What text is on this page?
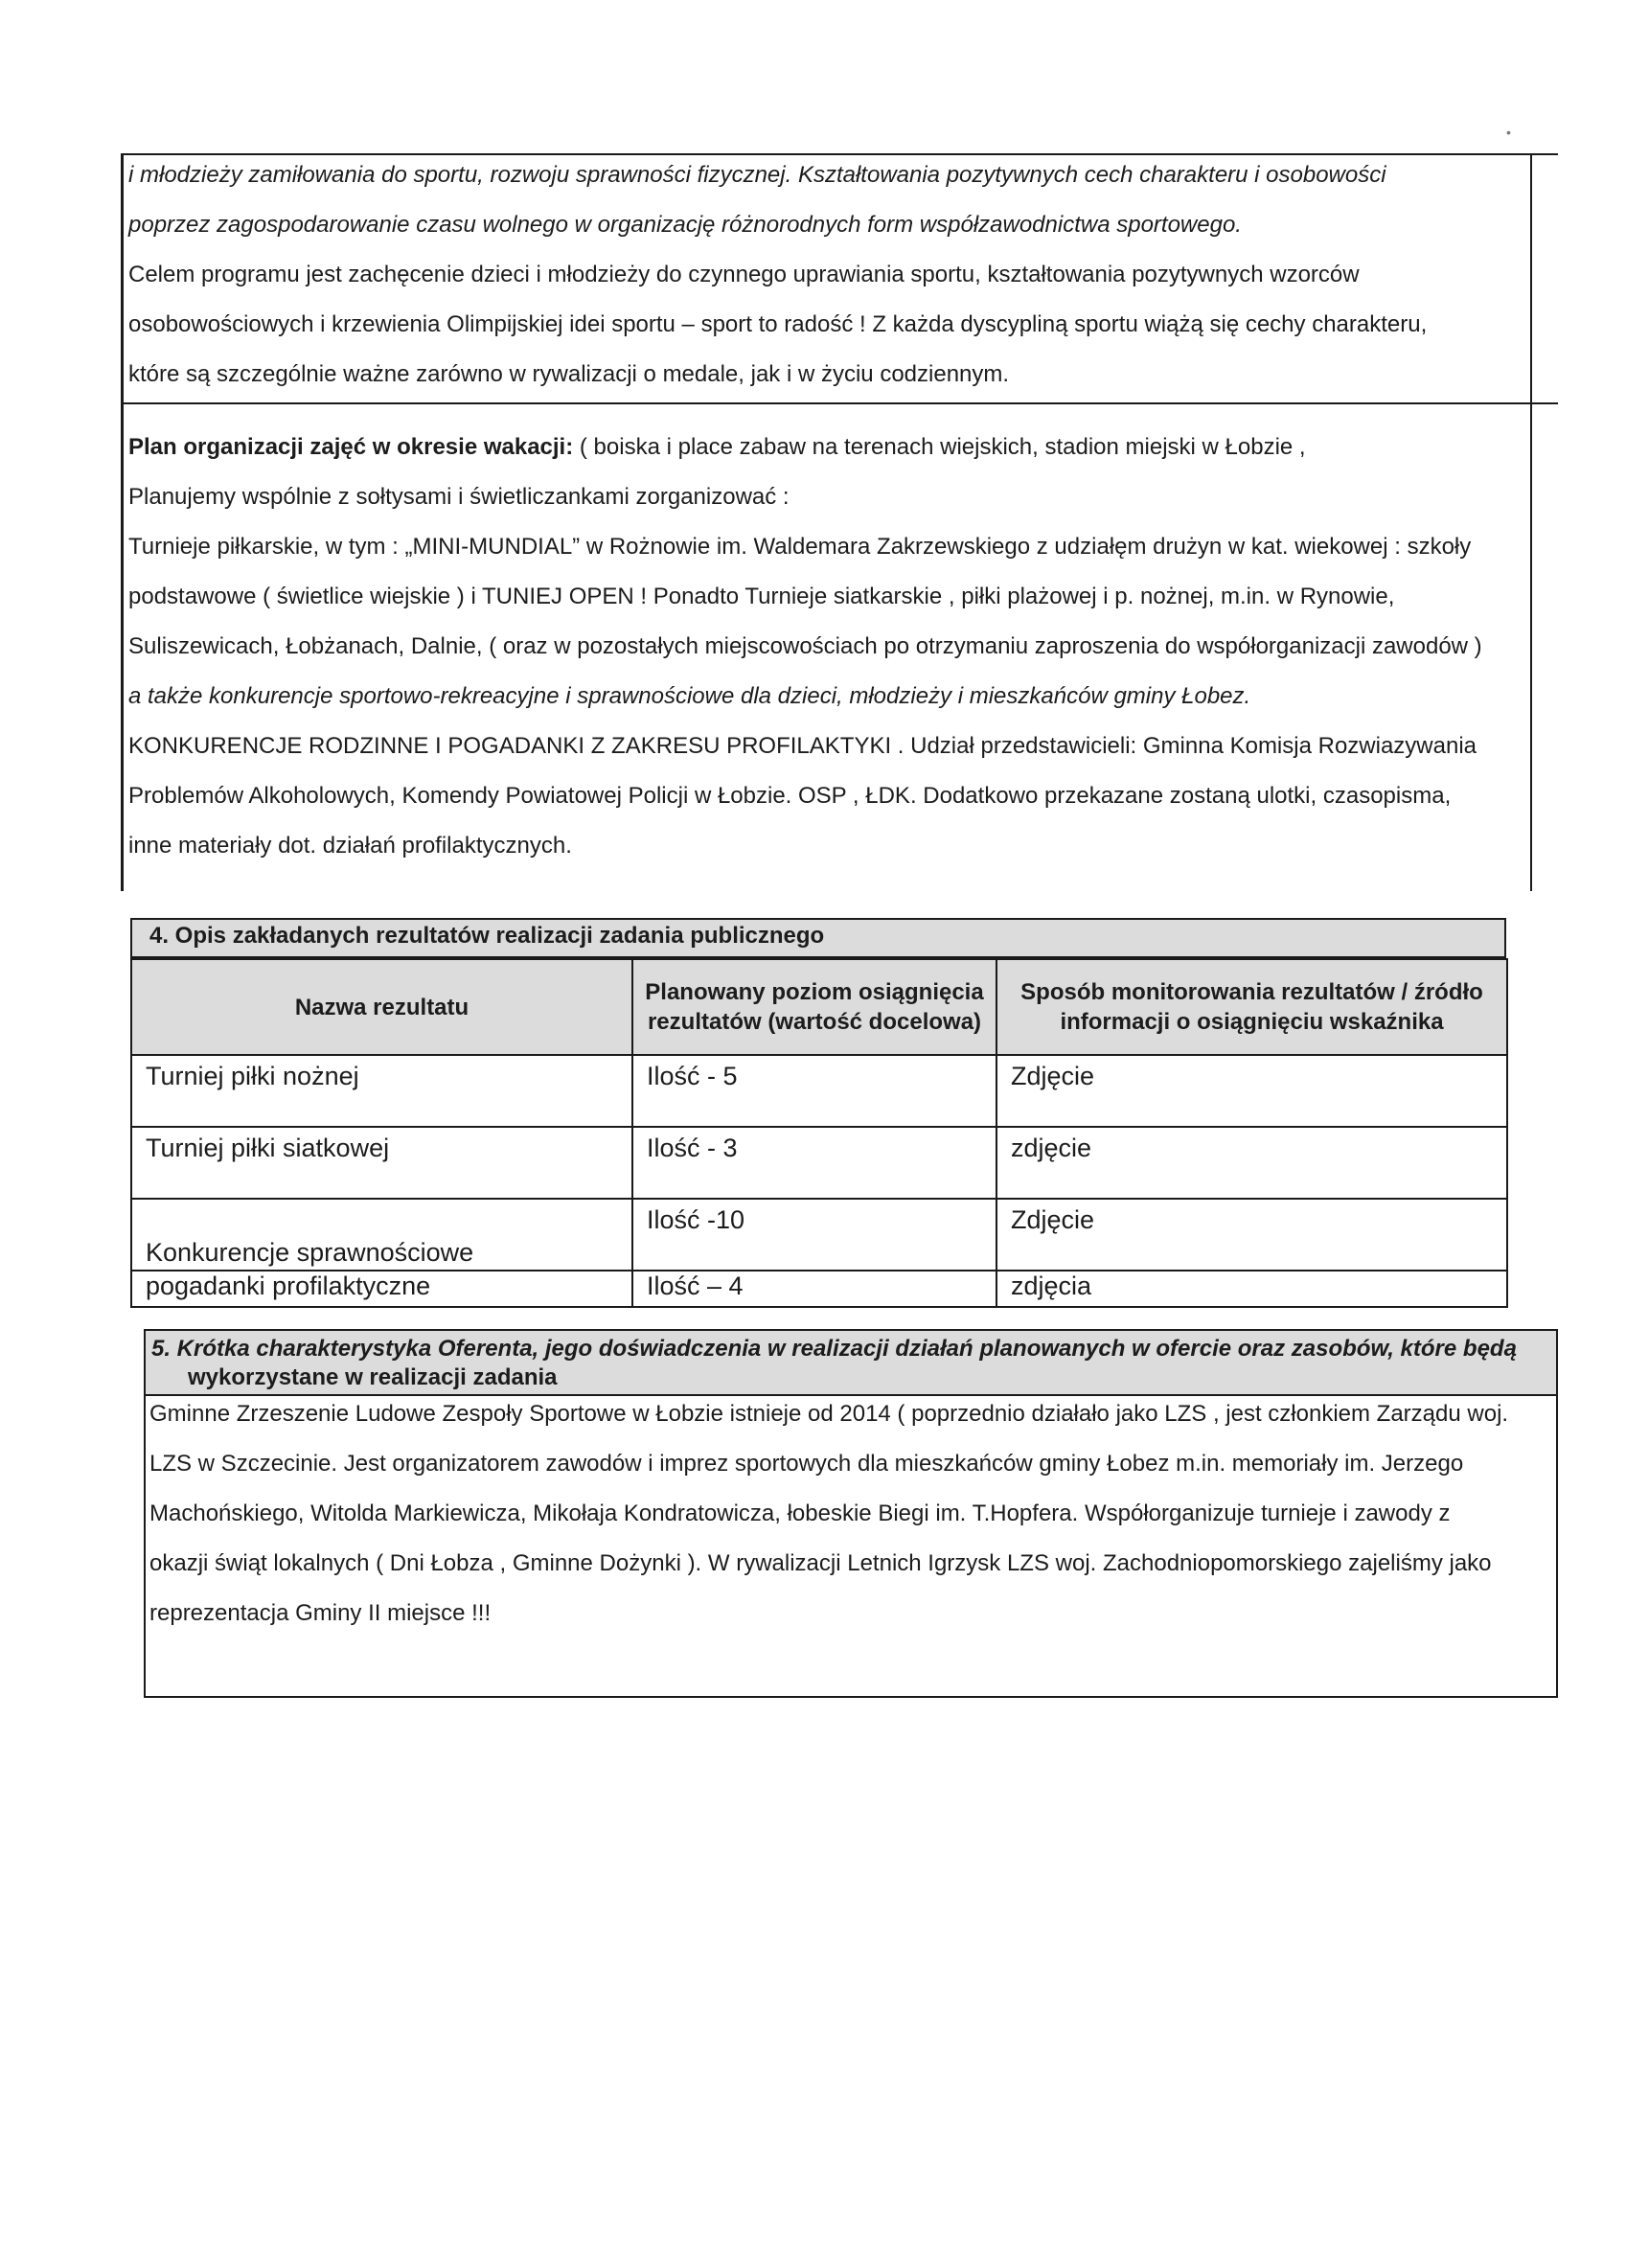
•
i młodzieży zamiłowania do sportu, rozwoju sprawności fizycznej. Kształtowania pozytywnych cech charakteru i osobowości
poprzez zagospodarowanie czasu wolnego w organizację różnorodnych form współzawodnictwa sportowego.
Celem programu jest zachęcenie dzieci i młodzieży do czynnego uprawiania sportu, kształtowania pozytywnych wzorców
osobowościowych i krzewienia Olimpijskiej idei sportu – sport to radość ! Z każda dyscypliną sportu wiążą się cechy charakteru,
które są szczególnie ważne zarówno w rywalizacji o medale, jak i w życiu codziennym.
Plan organizacji zajęć w okresie wakacji: ( boiska i place zabaw na terenach wiejskich, stadion miejski w Łobzie ,
Planujemy wspólnie z sołtysami i świetliczankami zorganizować :
Turnieje piłkarskie, w tym : „MINI-MUNDIAL” w Rożnowie im. Waldemara Zakrzewskiego z udziałęm drużyn w kat. wiekowej : szkoły
podstawowe ( świetlice wiejskie ) i TUNIEJ OPEN ! Ponadto Turnieje siatkarskie , piłki plażowej i p. nożnej, m.in. w Rynowie,
Suliszewicach, Łobżanach, Dalnie, ( oraz w pozostałych miejscowościach po otrzymaniu zaproszenia do współorganizacji zawodów )
a także konkurencje sportowo-rekreacyjne i sprawnościowe dla dzieci, młodzieży i mieszkańców gminy Łobez.
KONKURENCJE RODZINNE I POGADANKI Z ZAKRESU PROFILAKTYKI . Udział przedstawicieli: Gminna Komisja Rozwiazywania
Problemów Alkoholowych, Komendy Powiatowej Policji w Łobzie. OSP , ŁDK. Dodatkowo przekazane zostaną ulotki, czasopisma,
inne materiały dot. działań profilaktycznych.
4. Opis zakładanych rezultatów realizacji zadania publicznego
Nazwa rezultatu	Planowany poziom osiągnięcia rezultatów (wartość docelowa)	Sposób monitorowania rezultatów / źródło informacji o osiągnięciu wskaźnika
Turniej piłki nożnej	Ilość - 5	Zdjęcie
Turniej piłki siatkowej	Ilość - 3	zdjęcie
Konkurencje sprawnościowe	Ilość -10	Zdjęcie
pogadanki profilaktyczne	Ilość – 4	zdjęcia
5. Krótka charakterystyka Oferenta, jego doświadczenia w realizacji działań planowanych w ofercie oraz zasobów, które będą
wykorzystane w realizacji zadania
Gminne Zrzeszenie Ludowe Zespoły Sportowe w Łobzie istnieje od 2014 ( poprzednio działało jako LZS , jest członkiem Zarządu woj.
LZS w Szczecinie. Jest organizatorem zawodów i imprez sportowych dla mieszkańców gminy Łobez m.in. memoriały im. Jerzego
Machońskiego, Witolda Markiewicza, Mikołaja Kondratowicza, łobeskie Biegi im. T.Hopfera. Współorganizuje turnieje i zawody z
okazji świąt lokalnych ( Dni Łobza , Gminne Dożynki ). W rywalizacji Letnich Igrzysk LZS woj. Zachodniopomorskiego zajeliśmy jako
reprezentacja Gminy II miejsce !!!
